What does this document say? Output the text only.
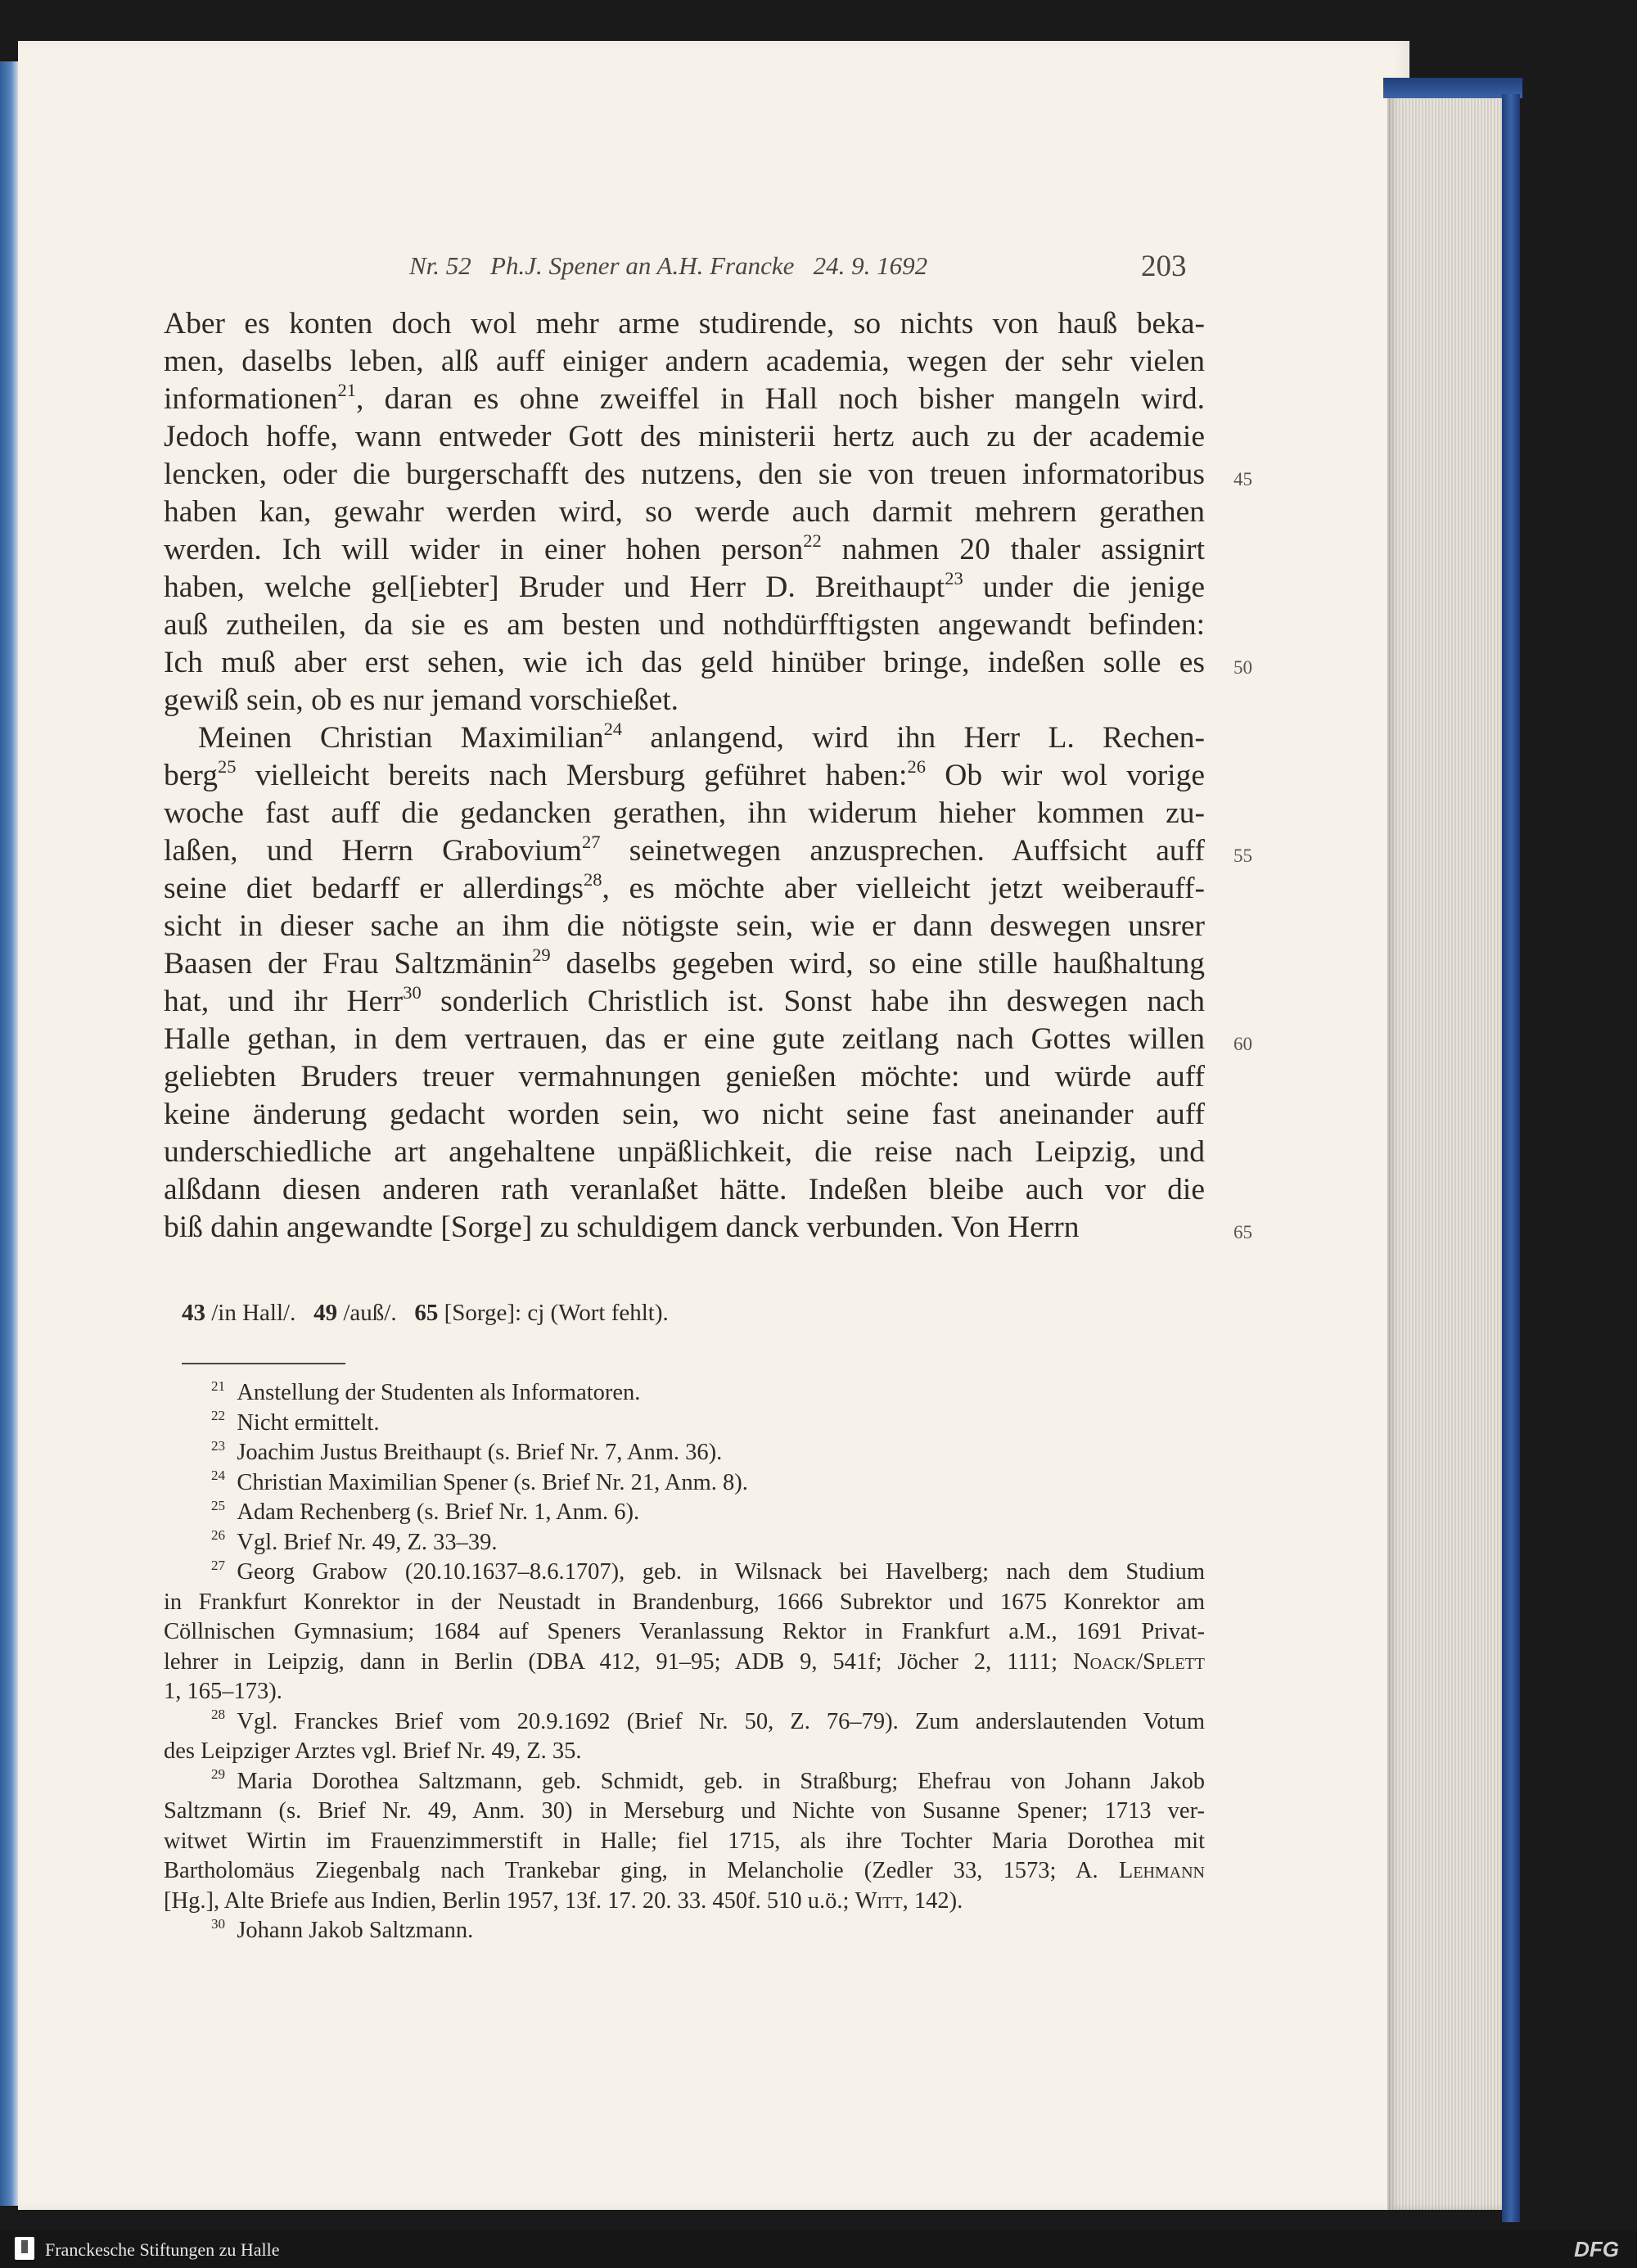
Nr. 52   Ph.J. Spener an A.H. Francke   24. 9. 1692	203
Aber es konten doch wol mehr arme studirende, so nichts von hauß beka-
men, daselbs leben, alß auff einiger andern academia, wegen der sehr vielen
informationen$^{21}$, daran es ohne zweiffel in Hall noch bisher mangeln wird.
Jedoch hoffe, wann entweder Gott des ministerii hertz auch zu der academie
lencken, oder die burgerschafft des nutzens, den sie von treuen informatoribus 45
haben kan, gewahr werden wird, so werde auch darmit mehrern gerathen
werden. Ich will wider in einer hohen person$^{22}$ nahmen 20 thaler assignirt
haben, welche gel[iebter] Bruder und Herr D. Breithaupt$^{23}$ under die jenige
auß zutheilen, da sie es am besten und nothdürfftigsten angewandt befinden:
Ich muß aber erst sehen, wie ich das geld hinüber bringe, indeßen solle es 50
gewiß sein, ob es nur jemand vorschießet.
Meinen Christian Maximilian$^{24}$ anlangend, wird ihn Herr L. Rechen-
berg$^{25}$ vielleicht bereits nach Mersburg geführet haben:$^{26}$ Ob wir wol vorige
woche fast auff die gedancken gerathen, ihn widerum hieher kommen zu-
laßen, und Herrn Grabovium$^{27}$ seinetwegen anzusprechen. Auffsicht auff 55
seine diet bedarff er allerdings$^{28}$, es möchte aber vielleicht jetzt weiberauff-
sicht in dieser sache an ihm die nötigste sein, wie er dann deswegen unsrer
Baasen der Frau Saltzmänin$^{29}$ daselbs gegeben wird, so eine stille haußhaltung
hat, und ihr Herr$^{30}$ sonderlich Christlich ist. Sonst habe ihn deswegen nach
Halle gethan, in dem vertrauen, das er eine gute zeitlang nach Gottes willen 60
geliebten Bruders treuer vermahnungen genießen möchte: und würde auff
keine änderung gedacht worden sein, wo nicht seine fast aneinander auff
underschiedliche art angehaltene unpäßlichkeit, die reise nach Leipzig, und
alßdann diesen anderen rath veranlaßet hätte. Indeßen bleibe auch vor die
biß dahin angewandte [Sorge] zu schuldigem danck verbunden. Von Herrn	65
43 /in Hall/.   49 /auß/.   65 [Sorge]: cj (Wort fehlt).
$^{21}$  Anstellung der Studenten als Informatoren.
$^{22}$  Nicht ermittelt.
$^{23}$  Joachim Justus Breithaupt (s. Brief Nr. 7, Anm. 36).
$^{24}$  Christian Maximilian Spener (s. Brief Nr. 21, Anm. 8).
$^{25}$  Adam Rechenberg (s. Brief Nr. 1, Anm. 6).
$^{26}$  Vgl. Brief Nr. 49, Z. 33–39.
$^{27}$  Georg Grabow (20.10.1637–8.6.1707), geb. in Wilsnack bei Havelberg; nach dem Studium
in Frankfurt Konrektor in der Neustadt in Brandenburg, 1666 Subrektor und 1675 Konrektor am
Cöllnischen Gymnasium; 1684 auf Speners Veranlassung Rektor in Frankfurt a.M., 1691 Privat-
lehrer in Leipzig, dann in Berlin (DBA 412, 91–95; ADB 9, 541f; Jöcher 2, 1111; Noack/Splett
1, 165–173).
$^{28}$  Vgl. Franckes Brief vom 20.9.1692 (Brief Nr. 50, Z. 76–79). Zum anderslautenden Votum
des Leipziger Arztes vgl. Brief Nr. 49, Z. 35.
$^{29}$  Maria Dorothea Saltzmann, geb. Schmidt, geb. in Straßburg; Ehefrau von Johann Jakob
Saltzmann (s. Brief Nr. 49, Anm. 30) in Merseburg und Nichte von Susanne Spener; 1713 ver-
witwet Wirtin im Frauenzimmerstift in Halle; fiel 1715, als ihre Tochter Maria Dorothea mit
Bartholomäus Ziegenbalg nach Trankebar ging, in Melancholie (Zedler 33, 1573; A. Lehmann
[Hg.], Alte Briefe aus Indien, Berlin 1957, 13f. 17. 20. 33. 450f. 510 u.ö.; Witt, 142).
$^{30}$  Johann Jakob Saltzmann.
Franckesche Stiftungen zu Halle	DFG
